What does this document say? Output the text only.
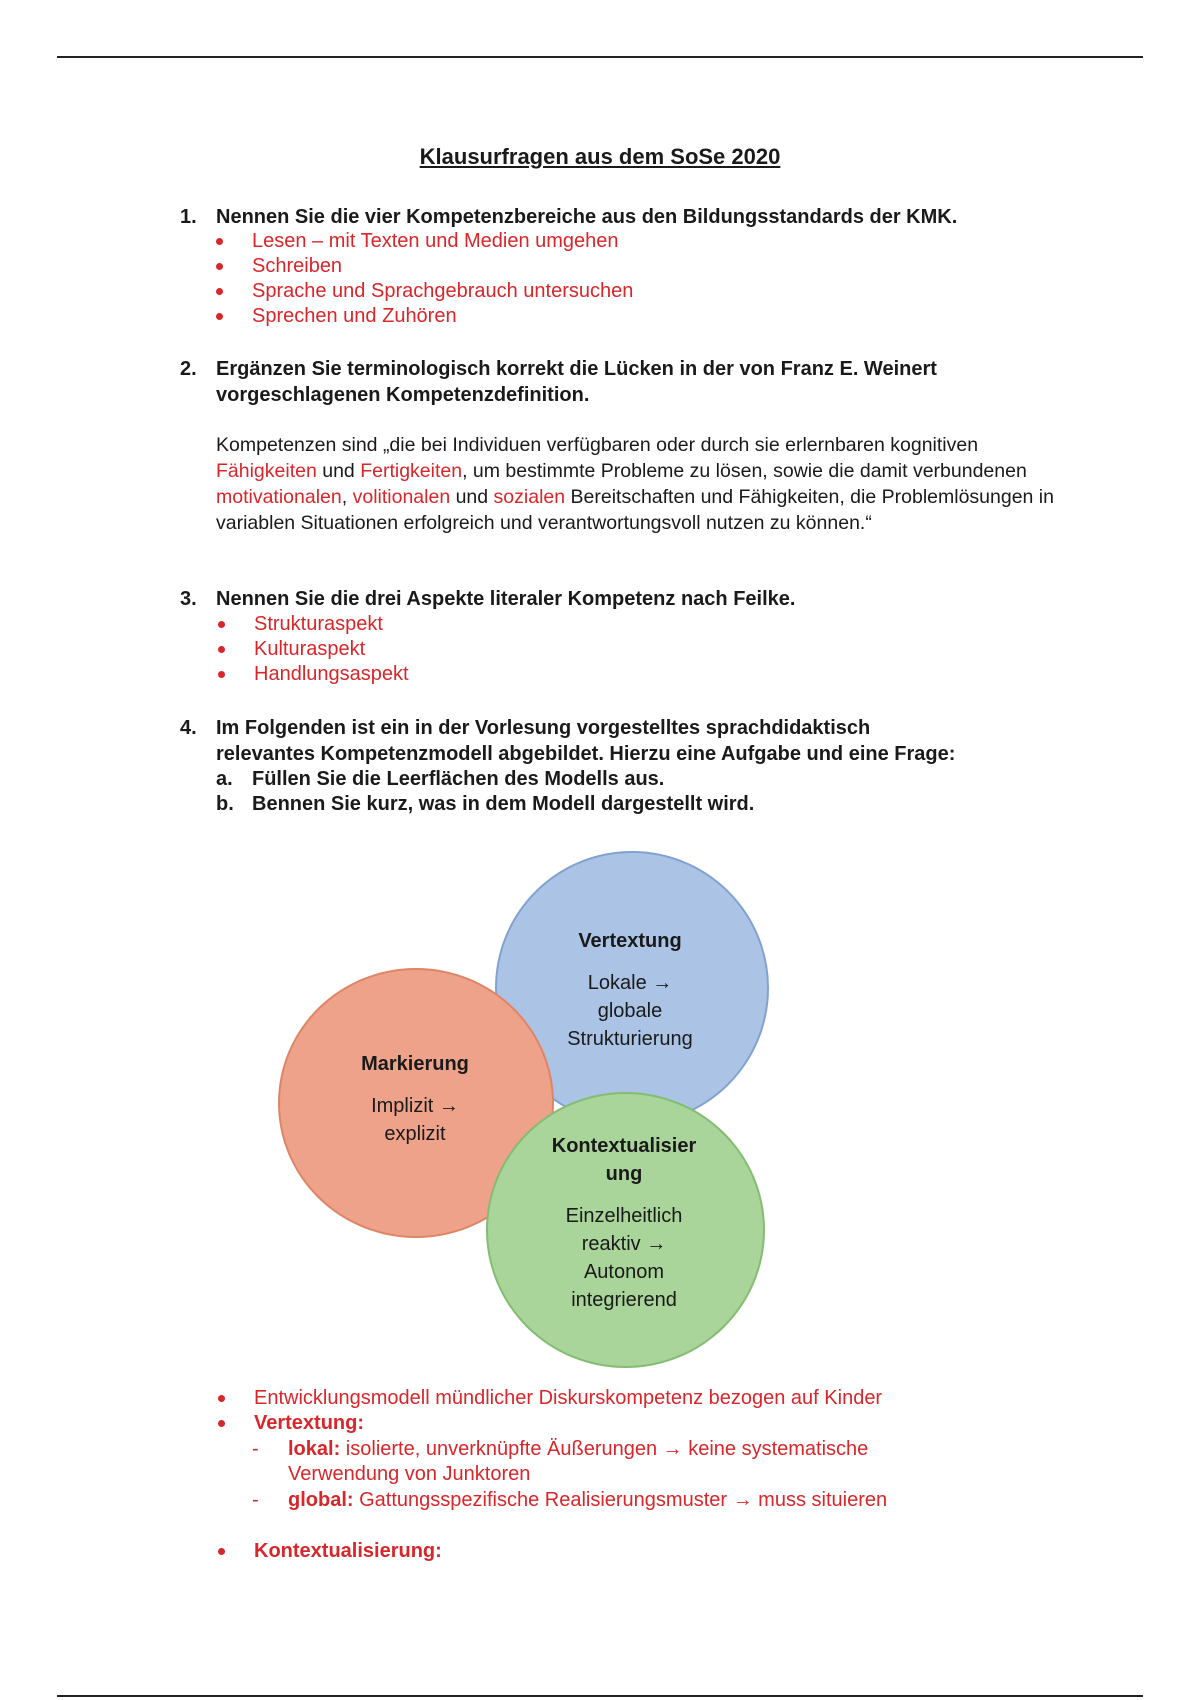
Klausurfragen aus dem SoSe 2020
1. Nennen Sie die vier Kompetenzbereiche aus den Bildungsstandards der KMK.
Lesen – mit Texten und Medien umgehen
Schreiben
Sprache und Sprachgebrauch untersuchen
Sprechen und Zuhören
2. Ergänzen Sie terminologisch korrekt die Lücken in der von Franz E. Weinert
vorgeschlagenen Kompetenzdefinition.
Kompetenzen sind „die bei Individuen verfügbaren oder durch sie erlernbaren kognitiven Fähigkeiten und Fertigkeiten, um bestimmte Probleme zu lösen, sowie die damit verbundenen motivationalen, volitionalen und sozialen Bereitschaften und Fähigkeiten, die Problemlösungen in variablen Situationen erfolgreich und verantwortungsvoll nutzen zu können.“
3. Nennen Sie die drei Aspekte literaler Kompetenz nach Feilke.
Strukturaspekt
Kulturaspekt
Handlungsaspekt
4. Im Folgenden ist ein in der Vorlesung vorgestelltes sprachdidaktisch
relevantes Kompetenzmodell abgebildet. Hierzu eine Aufgabe und eine Frage:
a. Füllen Sie die Leerflächen des Modells aus.
b. Bennen Sie kurz, was in dem Modell dargestellt wird.
Vertextung
Lokale →
globale
Strukturierung
Markierung
Implizit →
explizit
Kontextualisier
ung
Einzelheitlich
reaktiv →
Autonom
integrierend
Entwicklungsmodell mündlicher Diskurskompetenz bezogen auf Kinder
Vertextung:
- lokal: isolierte, unverknüpfte Äußerungen → keine systematische
Verwendung von Junktoren
- global: Gattungsspezifische Realisierungsmuster → muss situieren
Kontextualisierung:
